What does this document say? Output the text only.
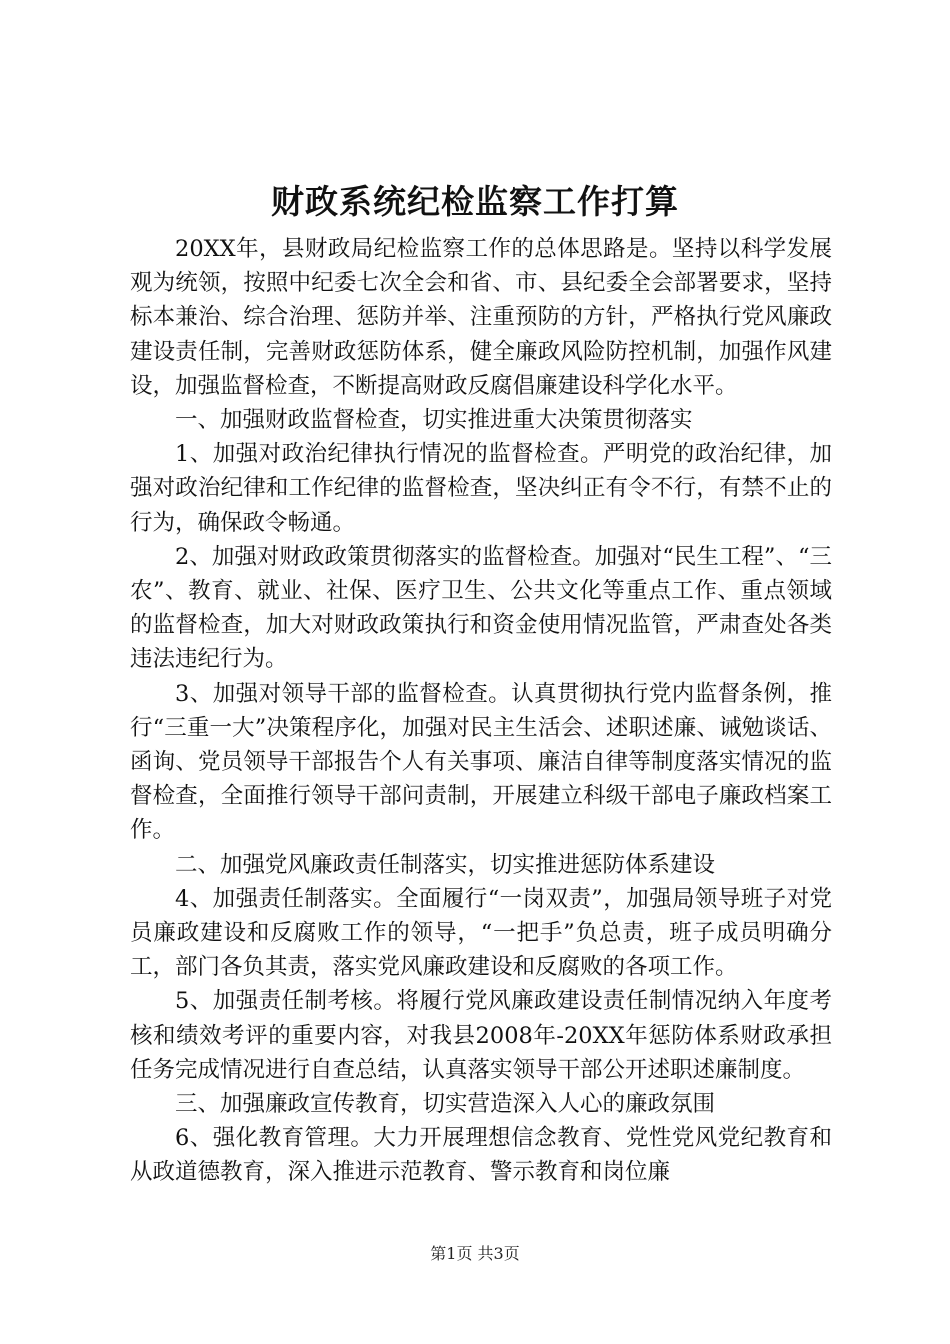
财政系统纪检监察工作打算

20XX年，县财政局纪检监察工作的总体思路是。坚持以科学发展观为统领，按照中纪委七次全会和省、市、县纪委全会部署要求，坚持标本兼治、综合治理、惩防并举、注重预防的方针，严格执行党风廉政建设责任制，完善财政惩防体系，健全廉政风险防控机制，加强作风建设，加强监督检查，不断提高财政反腐倡廉建设科学化水平。

一、加强财政监督检查，切实推进重大决策贯彻落实

1、加强对政治纪律执行情况的监督检查。严明党的政治纪律，加强对政治纪律和工作纪律的监督检查，坚决纠正有令不行，有禁不止的行为，确保政令畅通。

2、加强对财政政策贯彻落实的监督检查。加强对“民生工程”、“三农”、教育、就业、社保、医疗卫生、公共文化等重点工作、重点领域的监督检查，加大对财政政策执行和资金使用情况监管，严肃查处各类违法违纪行为。

3、加强对领导干部的监督检查。认真贯彻执行党内监督条例，推行“三重一大”决策程序化，加强对民主生活会、述职述廉、诫勉谈话、函询、党员领导干部报告个人有关事项、廉洁自律等制度落实情况的监督检查，全面推行领导干部问责制，开展建立科级干部电子廉政档案工作。

二、加强党风廉政责任制落实，切实推进惩防体系建设

4、加强责任制落实。全面履行“一岗双责”，加强局领导班子对党员廉政建设和反腐败工作的领导，“一把手”负总责，班子成员明确分工，部门各负其责，落实党风廉政建设和反腐败的各项工作。

5、加强责任制考核。将履行党风廉政建设责任制情况纳入年度考核和绩效考评的重要内容，对我县2008年-20XX年惩防体系财政承担任务完成情况进行自查总结，认真落实领导干部公开述职述廉制度。

三、加强廉政宣传教育，切实营造深入人心的廉政氛围

6、强化教育管理。大力开展理想信念教育、党性党风党纪教育和从政道德教育，深入推进示范教育、警示教育和岗位廉

第1页 共3页
